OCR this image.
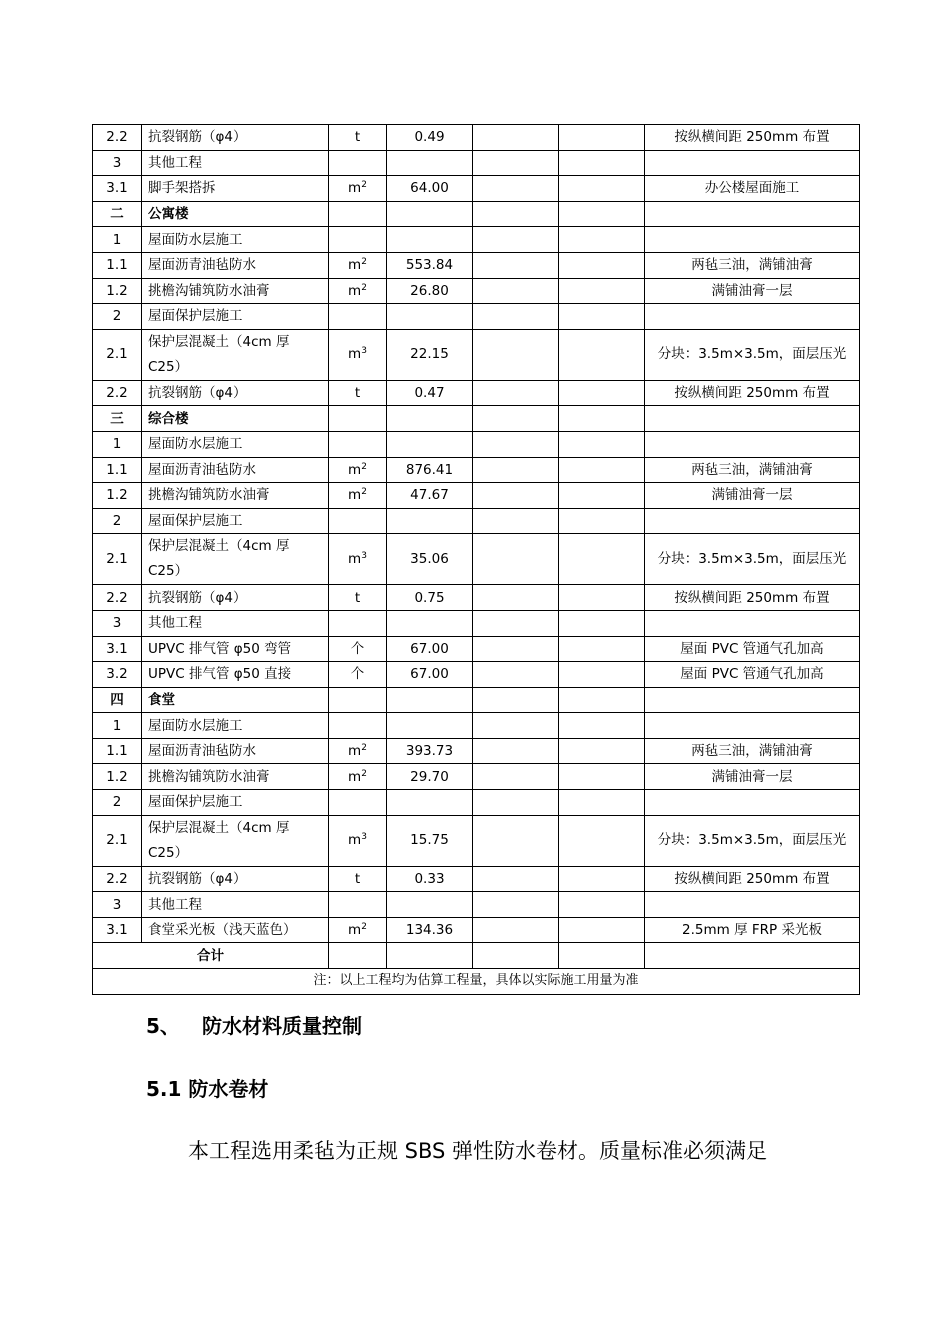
2.2	抗裂钢筋（φ4）	t	0.49			按纵横间距 250mm 布置
3	其他工程					
3.1	脚手架搭拆	$m^2$	64.00			办公楼屋面施工
二	公寓楼					
1	屋面防水层施工					
1.1	屋面沥青油毡防水	$m^2$	553.84			两毡三油，满铺油膏
1.2	挑檐沟铺筑防水油膏	$m^2$	26.80			满铺油膏一层
2	屋面保护层施工					
2.1	保护层混凝土（4cm 厚 C25）	$m^3$	22.15			分块：3.5m×3.5m，面层压光
2.2	抗裂钢筋（φ4）	t	0.47			按纵横间距 250mm 布置
三	综合楼					
1	屋面防水层施工					
1.1	屋面沥青油毡防水	$m^2$	876.41			两毡三油，满铺油膏
1.2	挑檐沟铺筑防水油膏	$m^2$	47.67			满铺油膏一层
2	屋面保护层施工					
2.1	保护层混凝土（4cm 厚 C25）	$m^3$	35.06			分块：3.5m×3.5m，面层压光
2.2	抗裂钢筋（φ4）	t	0.75			按纵横间距 250mm 布置
3	其他工程					
3.1	UPVC 排气管 φ50 弯管	个	67.00			屋面 PVC 管通气孔加高
3.2	UPVC 排气管 φ50 直接	个	67.00			屋面 PVC 管通气孔加高
四	食堂					
1	屋面防水层施工					
1.1	屋面沥青油毡防水	$m^2$	393.73			两毡三油，满铺油膏
1.2	挑檐沟铺筑防水油膏	$m^2$	29.70			满铺油膏一层
2	屋面保护层施工					
2.1	保护层混凝土（4cm 厚 C25）	$m^3$	15.75			分块：3.5m×3.5m，面层压光
2.2	抗裂钢筋（φ4）	t	0.33			按纵横间距 250mm 布置
3	其他工程					
3.1	食堂采光板（浅天蓝色）	$m^2$	134.36			2.5mm 厚 FRP 采光板
合计						
注：以上工程均为估算工程量，具体以实际施工用量为准						
5、 防水材料质量控制
5.1 防水卷材

本工程选用柔毡为正规 SBS 弹性防水卷材。质量标准必须满足
